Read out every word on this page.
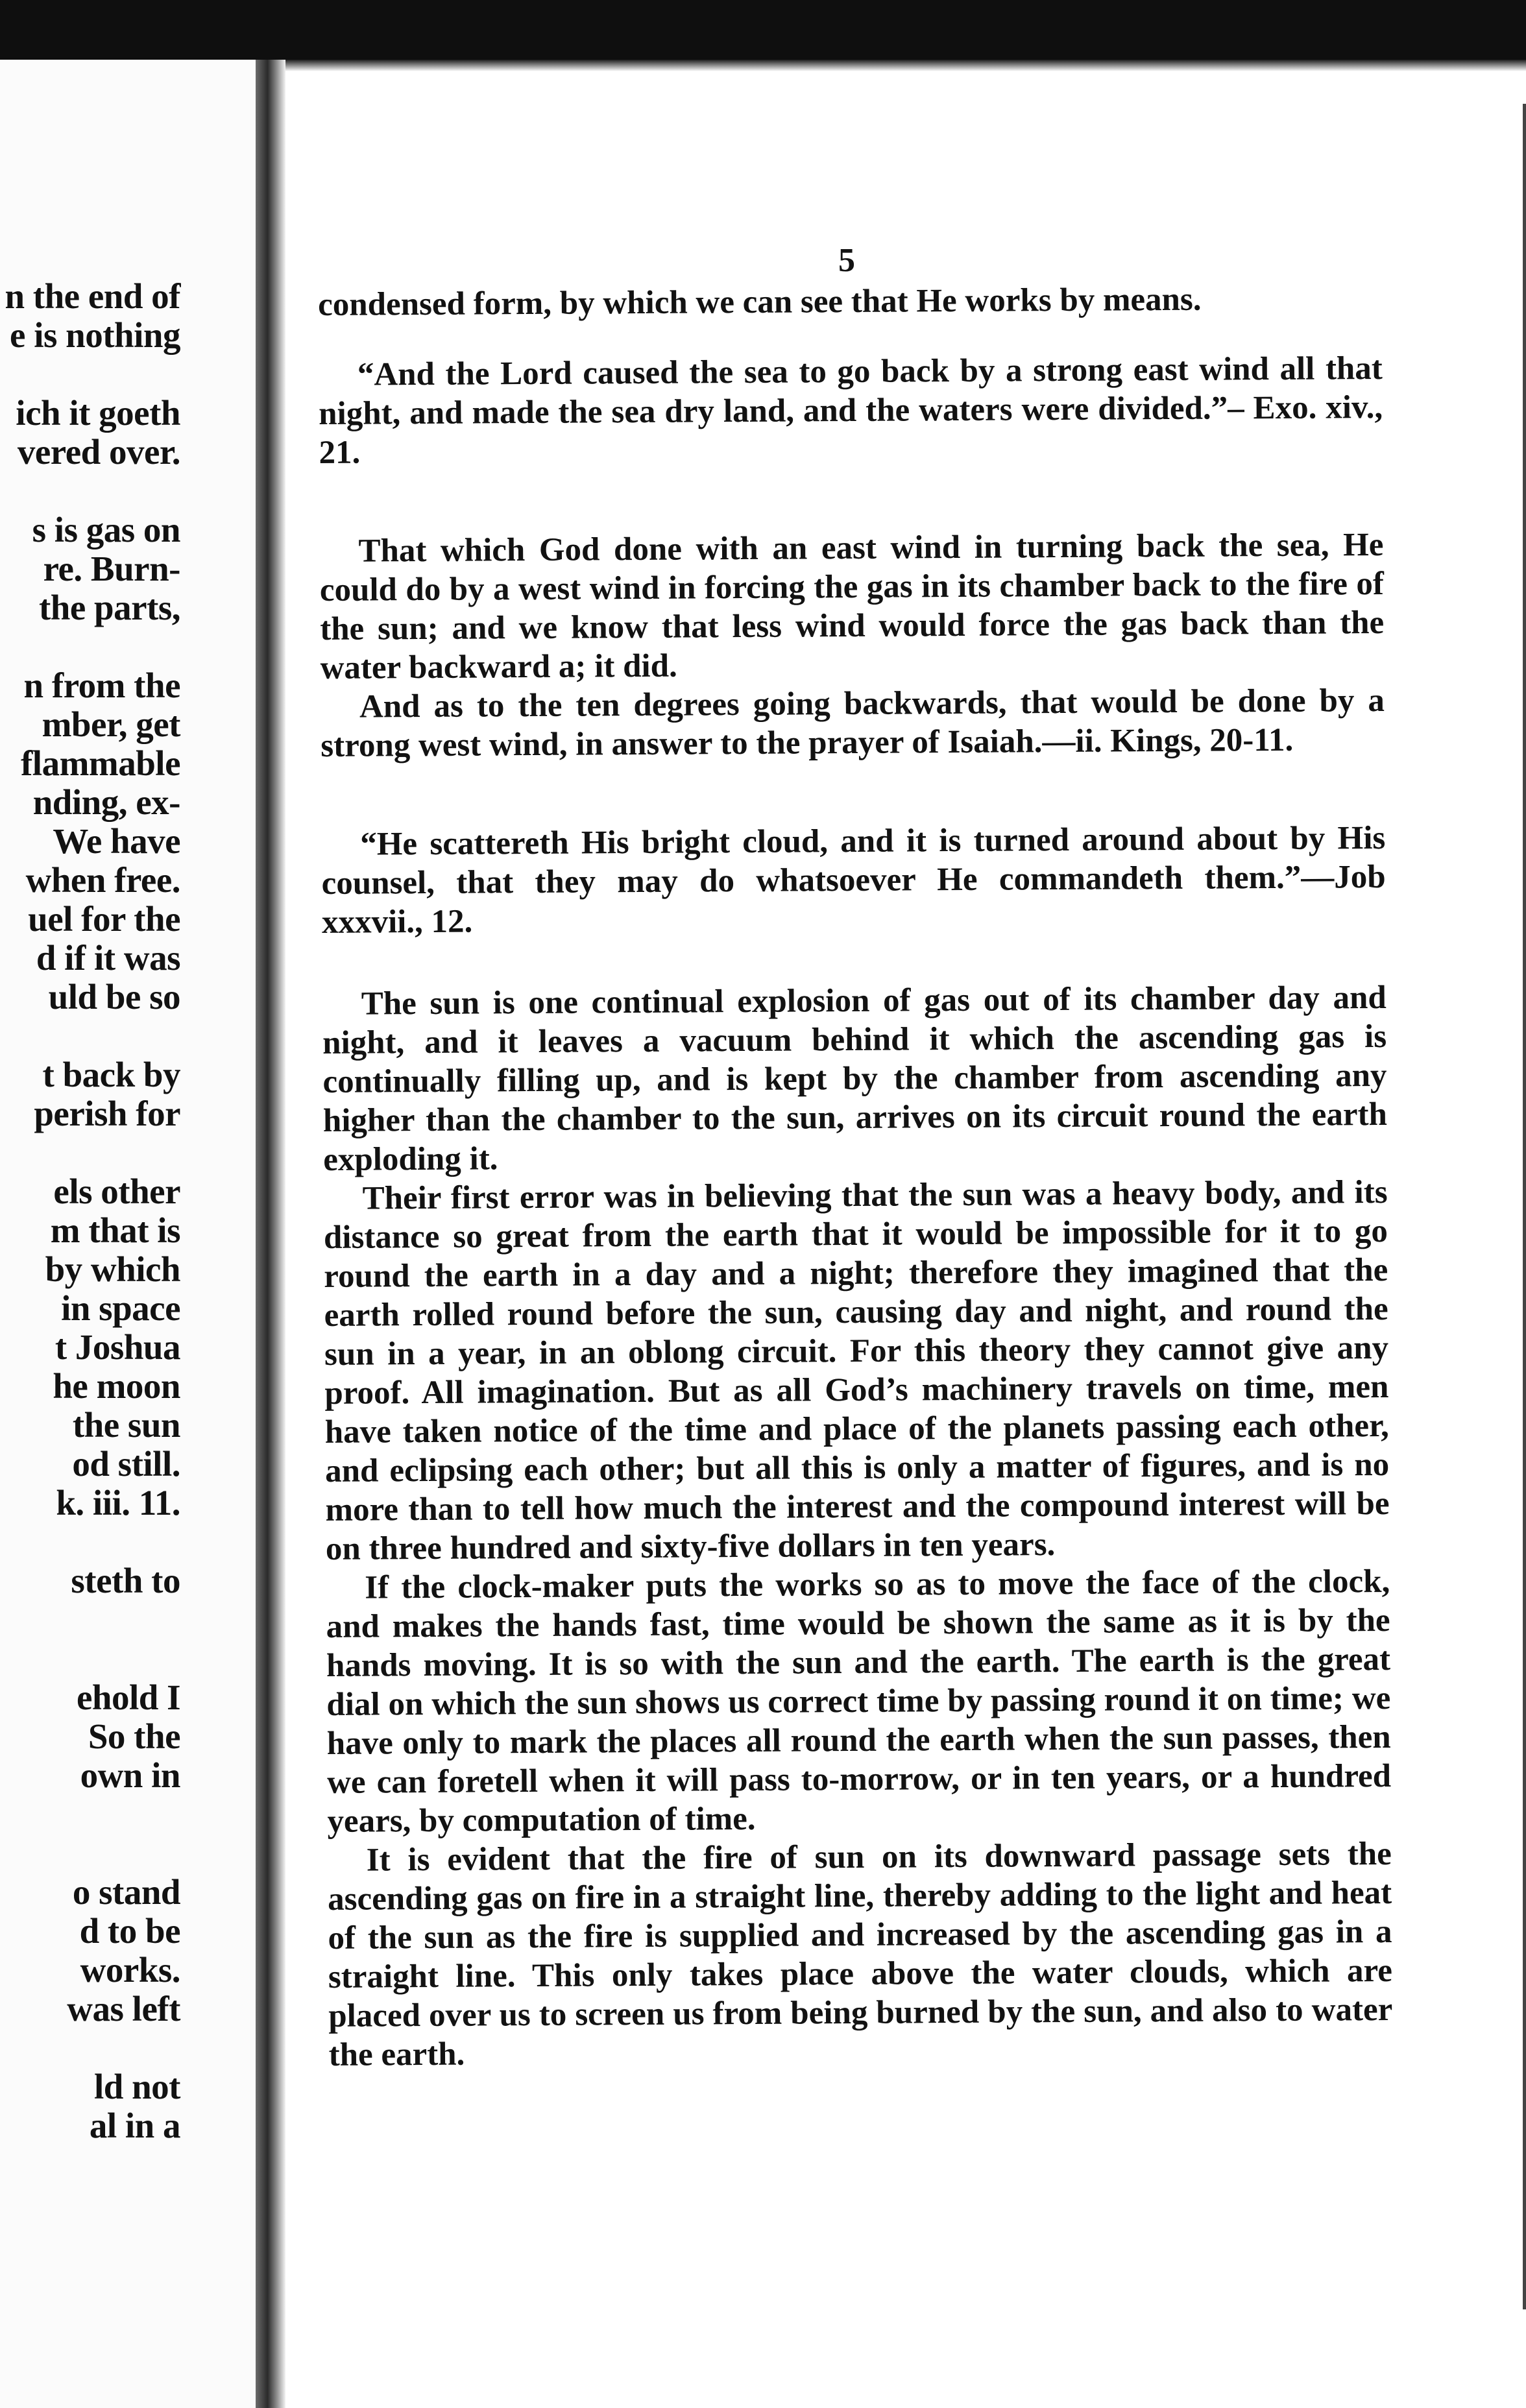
n the end of
e is nothing
ich it goeth
vered over.
s is gas on
re. Burn-
the parts,
n from the
mber, get
flammable
nding, ex-
We have
when free.
uel for the
d if it was
uld be so
t back by
perish for
els other
m that is
by which
in space
t Joshua
he moon
the sun
od still.
k. iii. 11.
steth to
ehold I
So the
own in
o stand
d to be
works.
was left
ld not
al in a
5

condensed form, by which we can see that He works by means.

“And the Lord caused the sea to go back by a strong east wind all that night, and made the sea dry land, and the waters were divided.”– Exo. xiv., 21.

That which God done with an east wind in turning back the sea, He could do by a west wind in forcing the gas in its chamber back to the fire of the sun; and we know that less wind would force the gas back than the water backward a; it did.

And as to the ten degrees going backwards, that would be done by a strong west wind, in answer to the prayer of Isaiah.—ii. Kings, 20-11.

“He scattereth His bright cloud, and it is turned around about by His counsel, that they may do whatsoever He commandeth them.”—Job xxxvii., 12.

The sun is one continual explosion of gas out of its chamber day and night, and it leaves a vacuum behind it which the ascending gas is continually filling up, and is kept by the chamber from ascending any higher than the chamber to the sun, arrives on its circuit round the earth exploding it.

Their first error was in believing that the sun was a heavy body, and its distance so great from the earth that it would be impossible for it to go round the earth in a day and a night; therefore they imagined that the earth rolled round before the sun, causing day and night, and round the sun in a year, in an oblong circuit. For this theory they cannot give any proof. All imagination. But as all God’s machinery travels on time, men have taken notice of the time and place of the planets passing each other, and eclipsing each other; but all this is only a matter of figures, and is no more than to tell how much the interest and the compound interest will be on three hundred and sixty-five dollars in ten years.

If the clock-maker puts the works so as to move the face of the clock, and makes the hands fast, time would be shown the same as it is by the hands moving. It is so with the sun and the earth. The earth is the great dial on which the sun shows us correct time by passing round it on time; we have only to mark the places all round the earth when the sun passes, then we can foretell when it will pass to-morrow, or in ten years, or a hundred years, by computation of time.

It is evident that the fire of sun on its downward passage sets the ascending gas on fire in a straight line, thereby adding to the light and heat of the sun as the fire is supplied and increased by the ascending gas in a straight line. This only takes place above the water clouds, which are placed over us to screen us from being burned by the sun, and also to water the earth.
